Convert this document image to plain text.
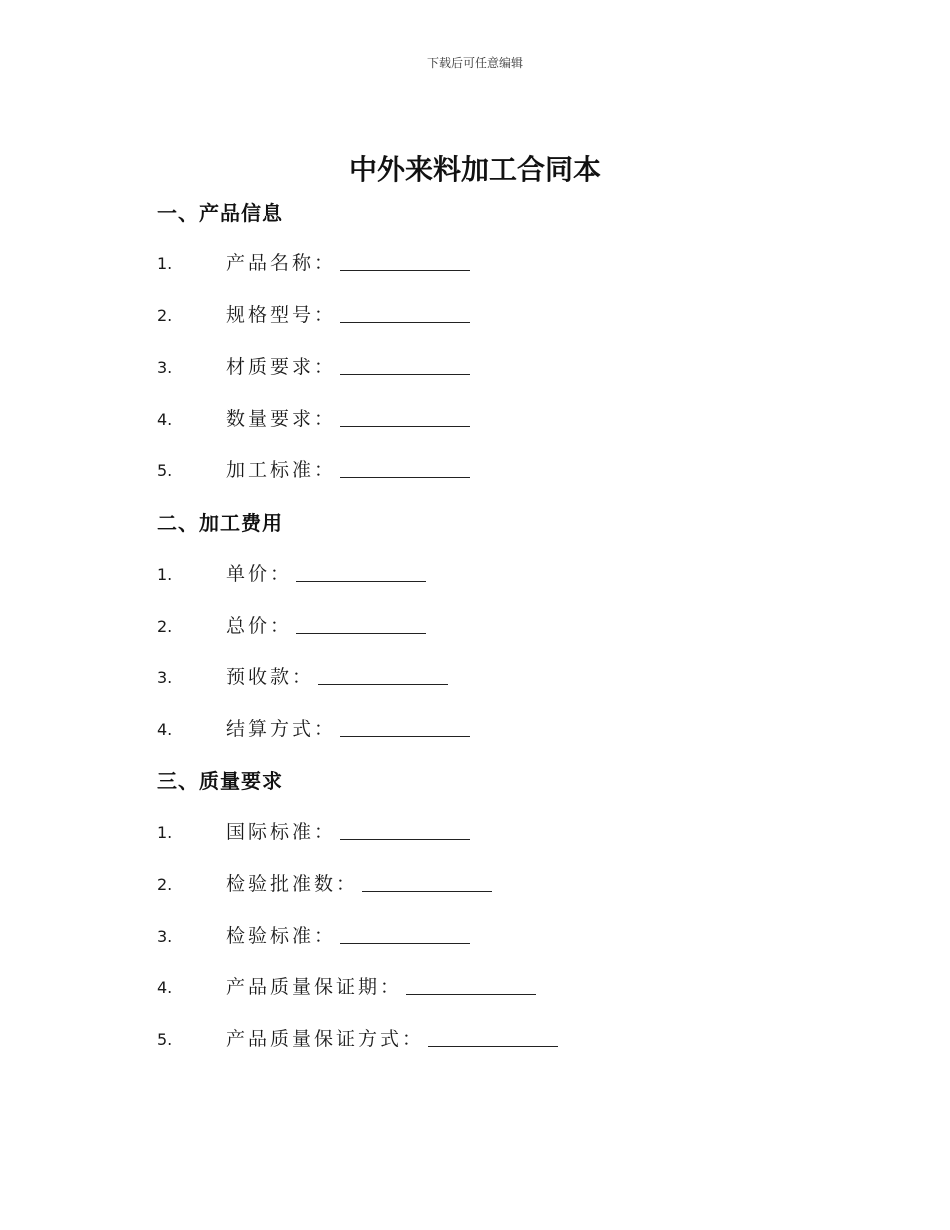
下载后可任意编辑
中外来料加工合同本
一、产品信息
1.	产品名称：
2.	规格型号：
3.	材质要求：
4.	数量要求：
5.	加工标准：
二、加工费用
1.	单价：
2.	总价：
3.	预收款：
4.	结算方式：
三、质量要求
1.	国际标准：
2.	检验批准数：
3.	检验标准：
4.	产品质量保证期：
5.	产品质量保证方式：
